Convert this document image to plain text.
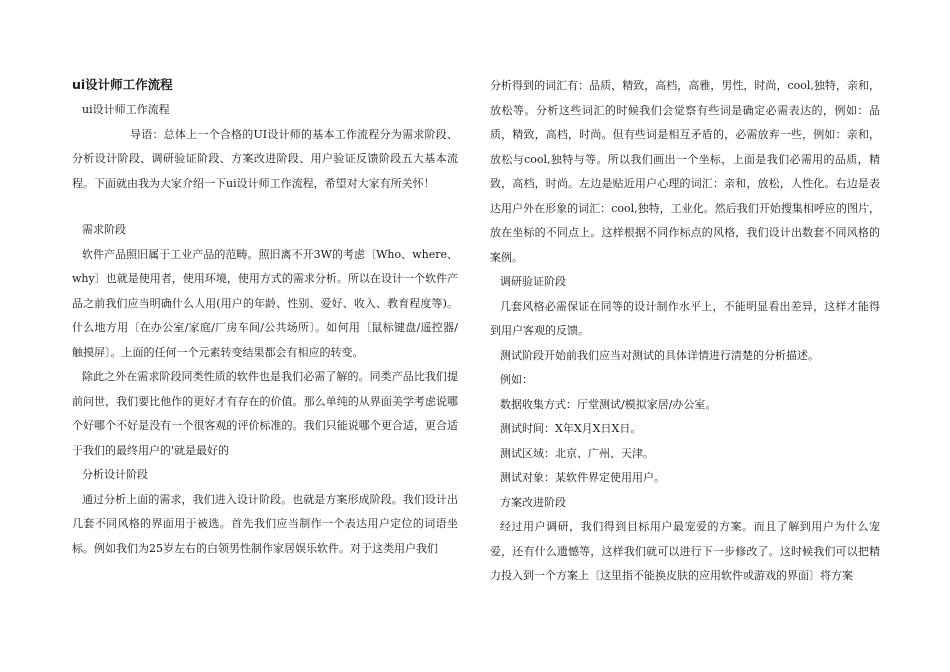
ui设计师工作流程

ui设计师工作流程

导语：总体上一个合格的UI设计师的基本工作流程分为需求阶段、分析设计阶段、调研验证阶段、方案改进阶段、用户验证反馈阶段五大基本流程。下面就由我为大家介绍一下ui设计师工作流程，希望对大家有所关怀！

需求阶段

软件产品照旧属于工业产品的范畴。照旧离不开3W的考虑〔Who、where、why〕也就是使用者，使用环境，使用方式的需求分析。所以在设计一个软件产品之前我们应当明确什么人用(用户的年龄、性别、爱好、收入、教育程度等)。什么地方用〔在办公室/家庭/厂房车间/公共场所〕。如何用〔鼠标键盘/遥控器/触摸屏〕。上面的任何一个元素转变结果都会有相应的转变。

除此之外在需求阶段同类性质的软件也是我们必需了解的。同类产品比我们提前问世，我们要比他作的更好才有存在的价值。那么单纯的从界面美学考虑说哪个好哪个不好是没有一个很客观的评价标准的。我们只能说哪个更合适，更合适于我们的最终用户的'就是最好的

分析设计阶段

通过分析上面的需求，我们进入设计阶段。也就是方案形成阶段。我们设计出几套不同风格的界面用于被选。首先我们应当制作一个表达用户定位的词语坐标。例如我们为25岁左右的白领男性制作家居娱乐软件。对于这类用户我们

分析得到的词汇有：品质，精致，高档，高雅，男性，时尚，cool,独特，亲和，放松等。分析这些词汇的时候我们会觉察有些词是确定必需表达的，例如：品质，精致，高档，时尚。但有些词是相互矛盾的，必需放弃一些，例如：亲和，放松与cool,独特与等。所以我们画出一个坐标，上面是我们必需用的品质，精致，高档，时尚。左边是贴近用户心理的词汇：亲和，放松，人性化。右边是表达用户外在形象的词汇：cool,独特，工业化。然后我们开始搜集相呼应的图片，放在坐标的不同点上。这样根据不同作标点的风格，我们设计出数套不同风格的案例。

调研验证阶段

几套风格必需保证在同等的设计制作水平上，不能明显看出差异，这样才能得到用户客观的反馈。

测试阶段开始前我们应当对测试的具体详情进行清楚的分析描述。

例如：

数据收集方式：厅堂测试/模拟家居/办公室。

测试时间：X年X月X日X日。

测试区域：北京、广州、天津。

测试对象：某软件界定使用用户。

方案改进阶段

经过用户调研，我们得到目标用户最宠爱的方案。而且了解到用户为什么宠爱，还有什么遗憾等，这样我们就可以进行下一步修改了。这时候我们可以把精力投入到一个方案上〔这里指不能换皮肤的应用软件或游戏的界面〕将方案
